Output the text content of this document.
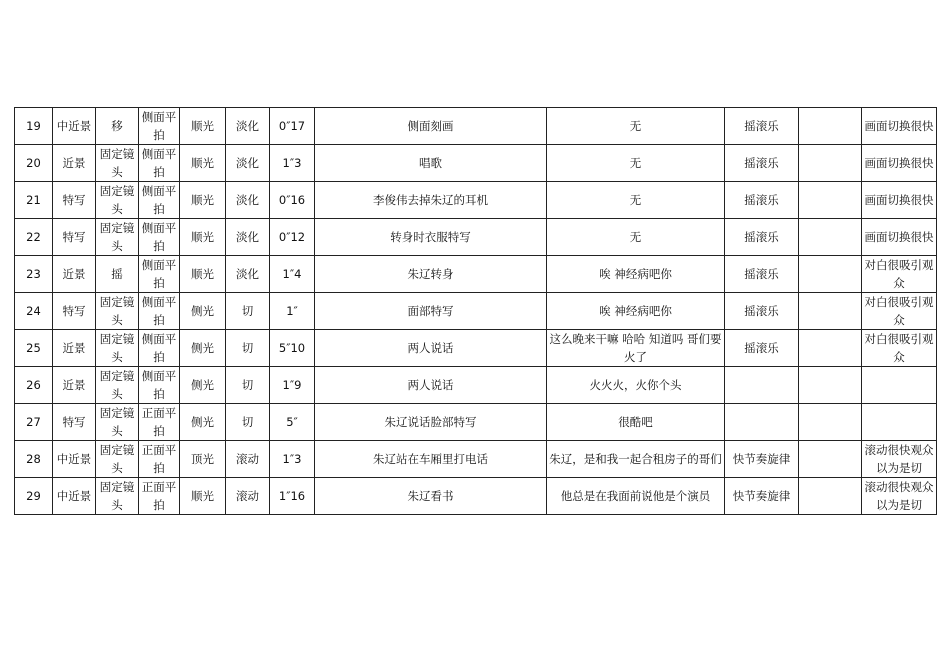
19	中近景	移	侧面平拍	顺光	淡化	0″17	侧面刻画	无	摇滚乐		画面切换很快
20	近景	固定镜头	侧面平拍	顺光	淡化	1″3	唱歌	无	摇滚乐		画面切换很快
21	特写	固定镜头	侧面平拍	顺光	淡化	0″16	李俊伟去掉朱辽的耳机	无	摇滚乐		画面切换很快
22	特写	固定镜头	侧面平拍	顺光	淡化	0″12	转身时衣服特写	无	摇滚乐		画面切换很快
23	近景	摇	侧面平拍	顺光	淡化	1″4	朱辽转身	唉 神经病吧你	摇滚乐		对白很吸引观众
24	特写	固定镜头	侧面平拍	侧光	切	1″	面部特写	唉 神经病吧你	摇滚乐		对白很吸引观众
25	近景	固定镜头	侧面平拍	侧光	切	5″10	两人说话	这么晚来干嘛 哈哈 知道吗 哥们要火了	摇滚乐		对白很吸引观众
26	近景	固定镜头	侧面平拍	侧光	切	1″9	两人说话	火火火，火你个头			
27	特写	固定镜头	正面平拍	侧光	切	5″	朱辽说话脸部特写	很酷吧			
28	中近景	固定镜头	正面平拍	顶光	滚动	1″3	朱辽站在车厢里打电话	朱辽，是和我一起合租房子的哥们	快节奏旋律		滚动很快观众以为是切
29	中近景	固定镜头	正面平拍	顺光	滚动	1″16	朱辽看书	他总是在我面前说他是个演员	快节奏旋律		滚动很快观众以为是切
